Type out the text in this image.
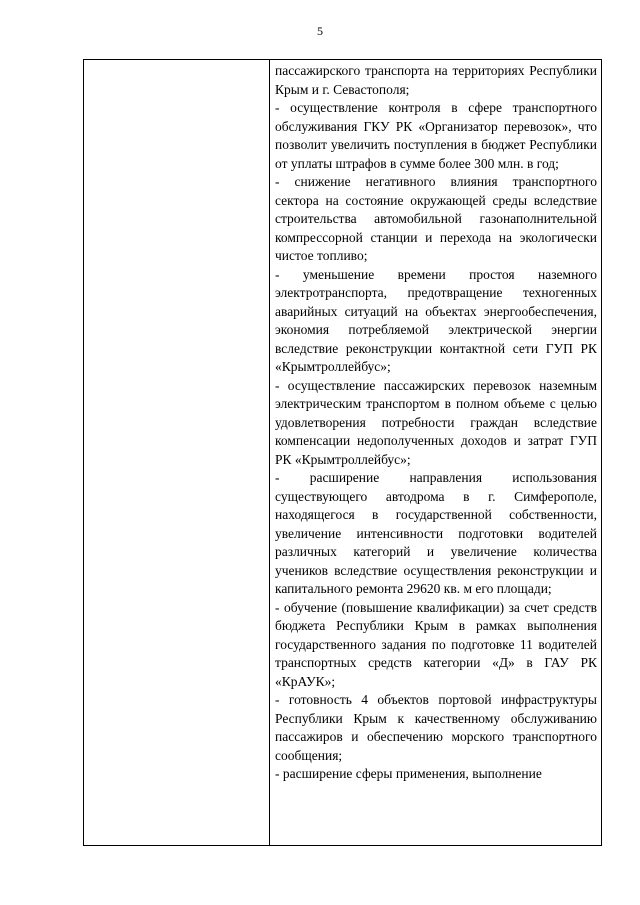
5

пассажирского транспорта на территориях Республики Крым и г. Севастополя;

- осуществление контроля в сфере транспортного обслуживания ГКУ РК «Организатор перевозок», что позволит увеличить поступления в бюджет Республики от уплаты штрафов в сумме более 300 млн. в год;

- снижение негативного влияния транспортного сектора на состояние окружающей среды вследствие строительства автомобильной газонаполнительной компрессорной станции и перехода на экологически чистое топливо;

- уменьшение времени простоя наземного электротранспорта, предотвращение техногенных аварийных ситуаций на объектах энергообеспечения, экономия потребляемой электрической энергии вследствие реконструкции контактной сети ГУП РК «Крымтроллейбус»;

- осуществление пассажирских перевозок наземным электрическим транспортом в полном объеме с целью удовлетворения потребности граждан вследствие компенсации недополученных доходов и затрат ГУП РК «Крымтроллейбус»;

- расширение направления использования существующего автодрома в г. Симферополе, находящегося в государственной собственности, увеличение интенсивности подготовки водителей различных категорий и увеличение количества учеников вследствие осуществления реконструкции и капитального ремонта 29620 кв. м его площади;

- обучение (повышение квалификации) за счет средств бюджета Республики Крым в рамках выполнения государственного задания по подготовке 11 водителей транспортных средств категории «Д» в ГАУ РК «КрАУК»;

- готовность 4 объектов портовой инфраструктуры Республики Крым к качественному обслуживанию пассажиров и обеспечению морского транспортного сообщения;

- расширение сферы применения, выполнение
